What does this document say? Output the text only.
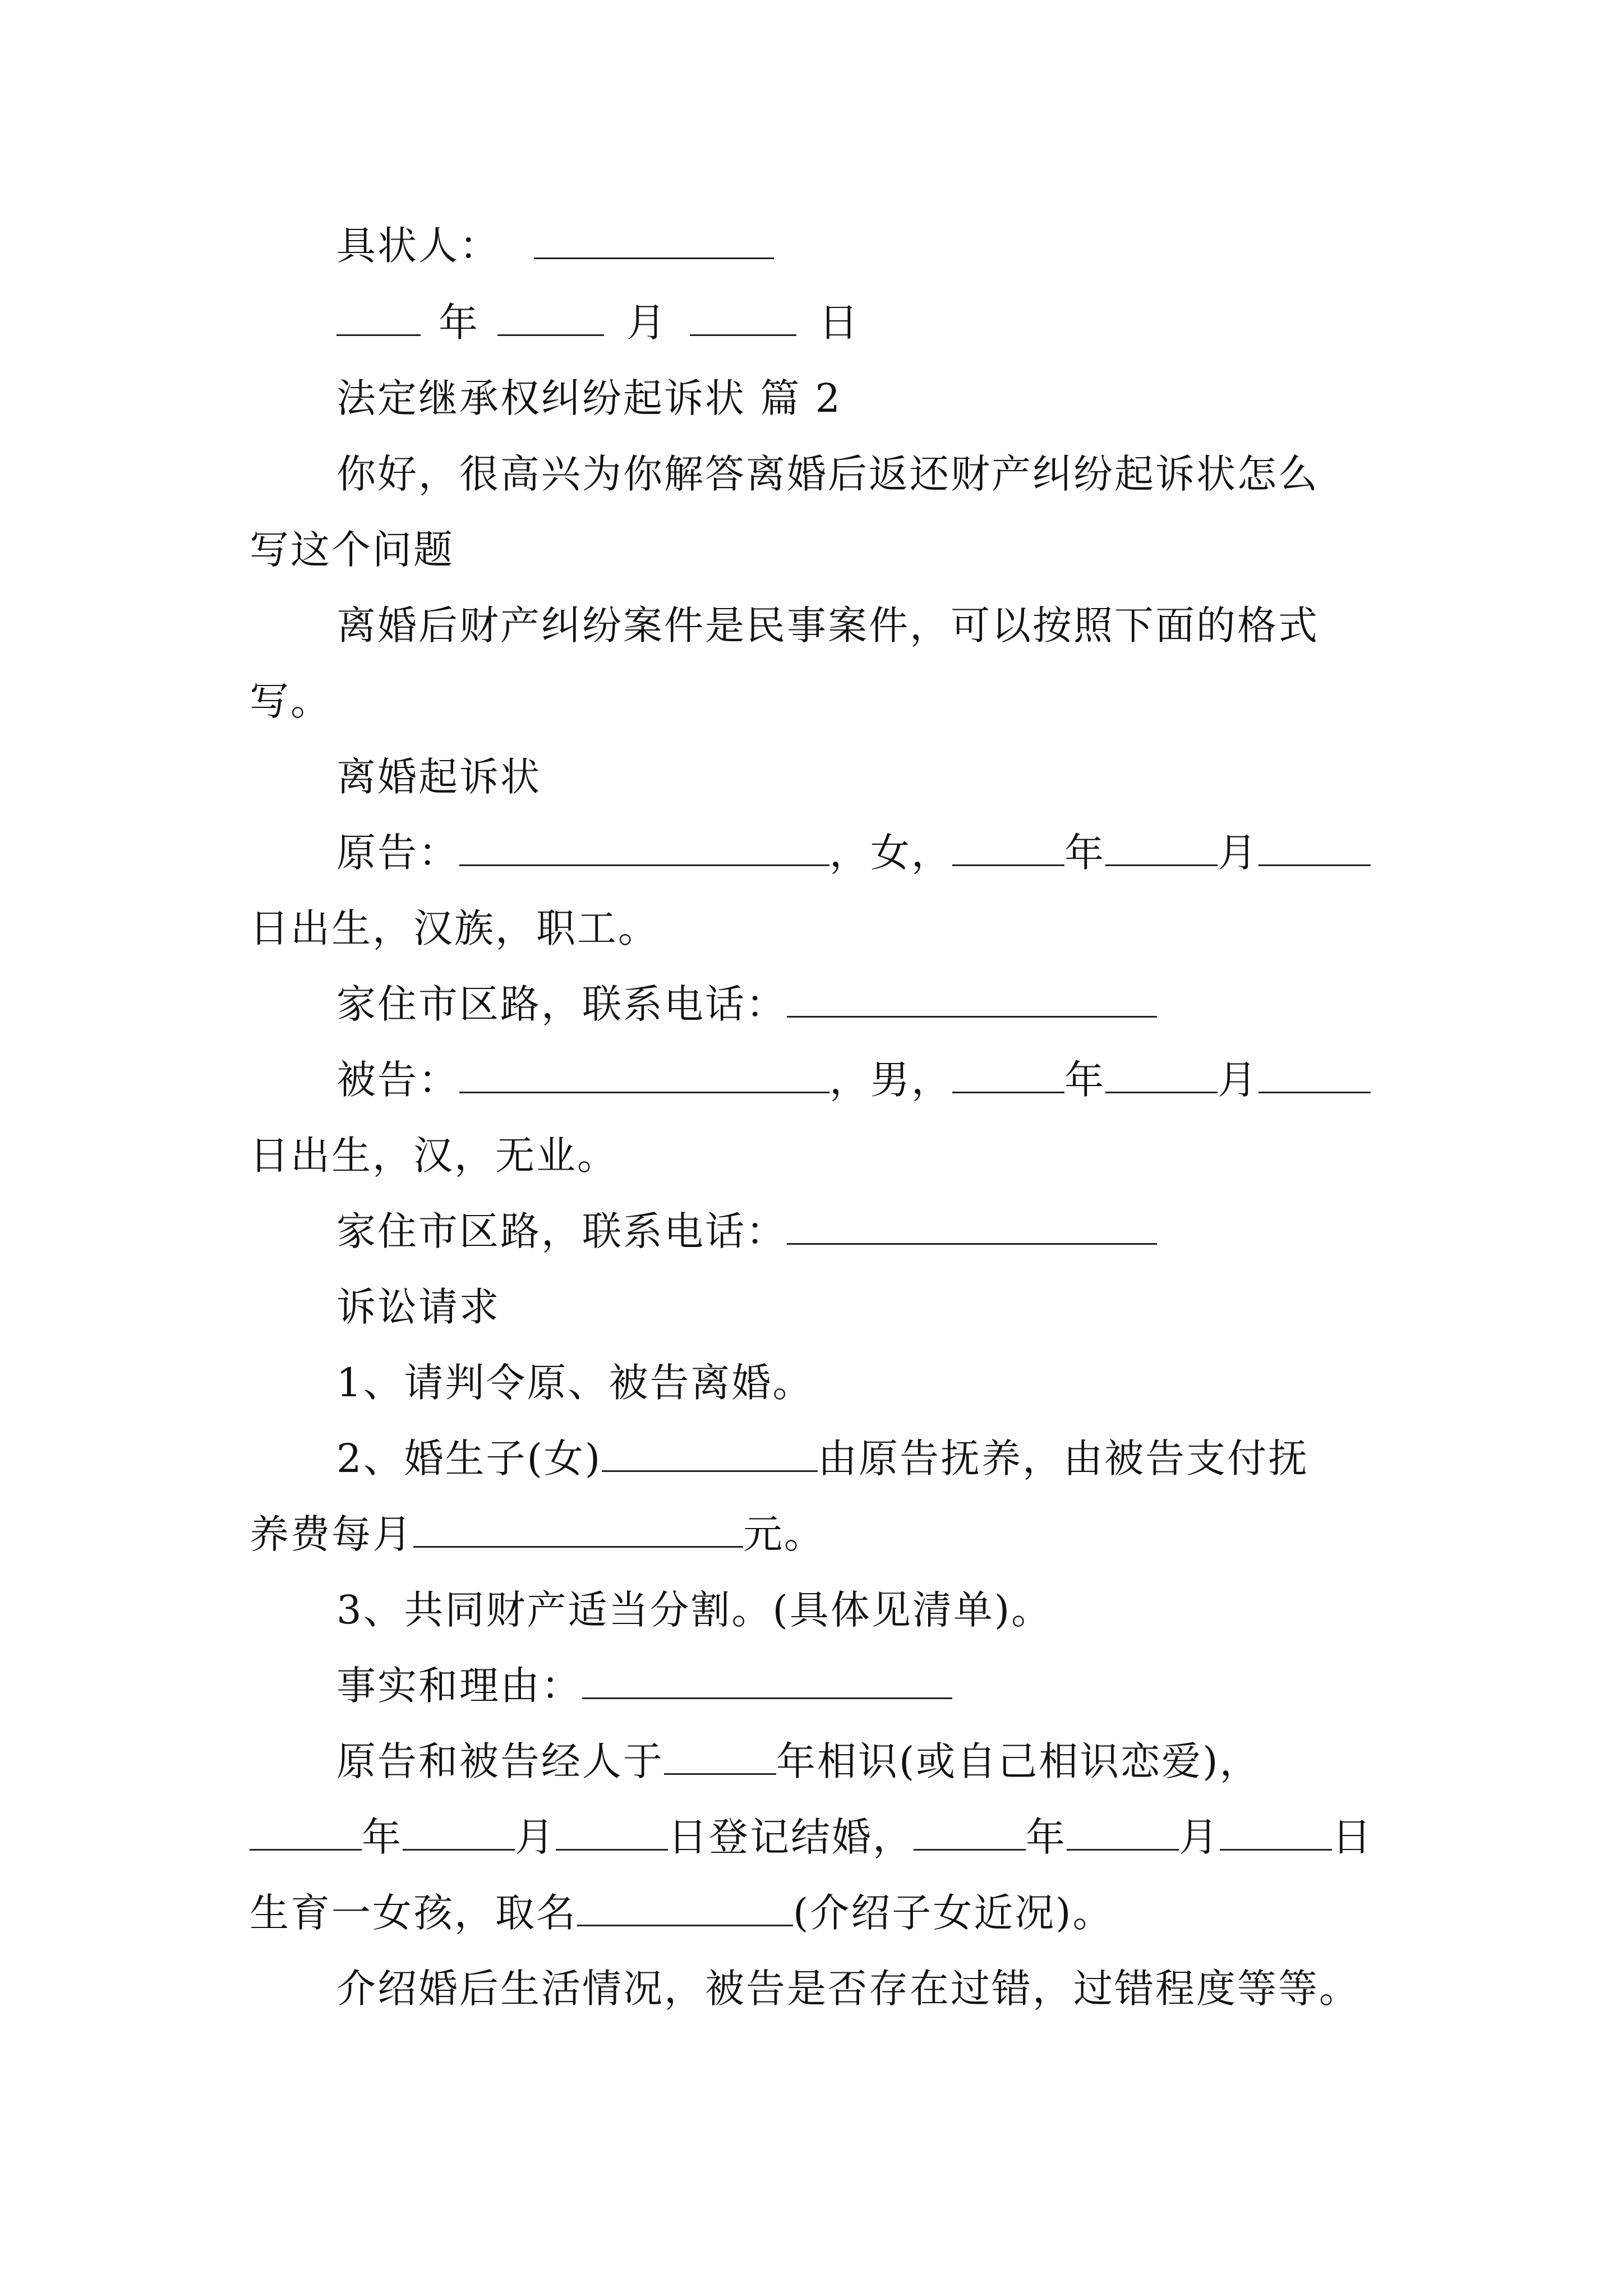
具状人：
年	月	日
法定继承权纠纷起诉状 篇 2
你好，很高兴为你解答离婚后返还财产纠纷起诉状怎么
写这个问题
离婚后财产纠纷案件是民事案件，可以按照下面的格式
写。
离婚起诉状
原告：	，女，	年	月
日出生，汉族，职工。
家住市区路，联系电话：
被告：	，男，	年	月
日出生，汉，无业。
家住市区路，联系电话：
诉讼请求
1、请判令原、被告离婚。
2、婚生子(女)	由原告抚养，由被告支付抚
养费每月	元。
3、共同财产适当分割。(具体见清单)。
事实和理由：
原告和被告经人于	年相识(或自己相识恋爱)，
年	月	日登记结婚，	年	月	日
生育一女孩，取名	(介绍子女近况)。
介绍婚后生活情况，被告是否存在过错，过错程度等等。
